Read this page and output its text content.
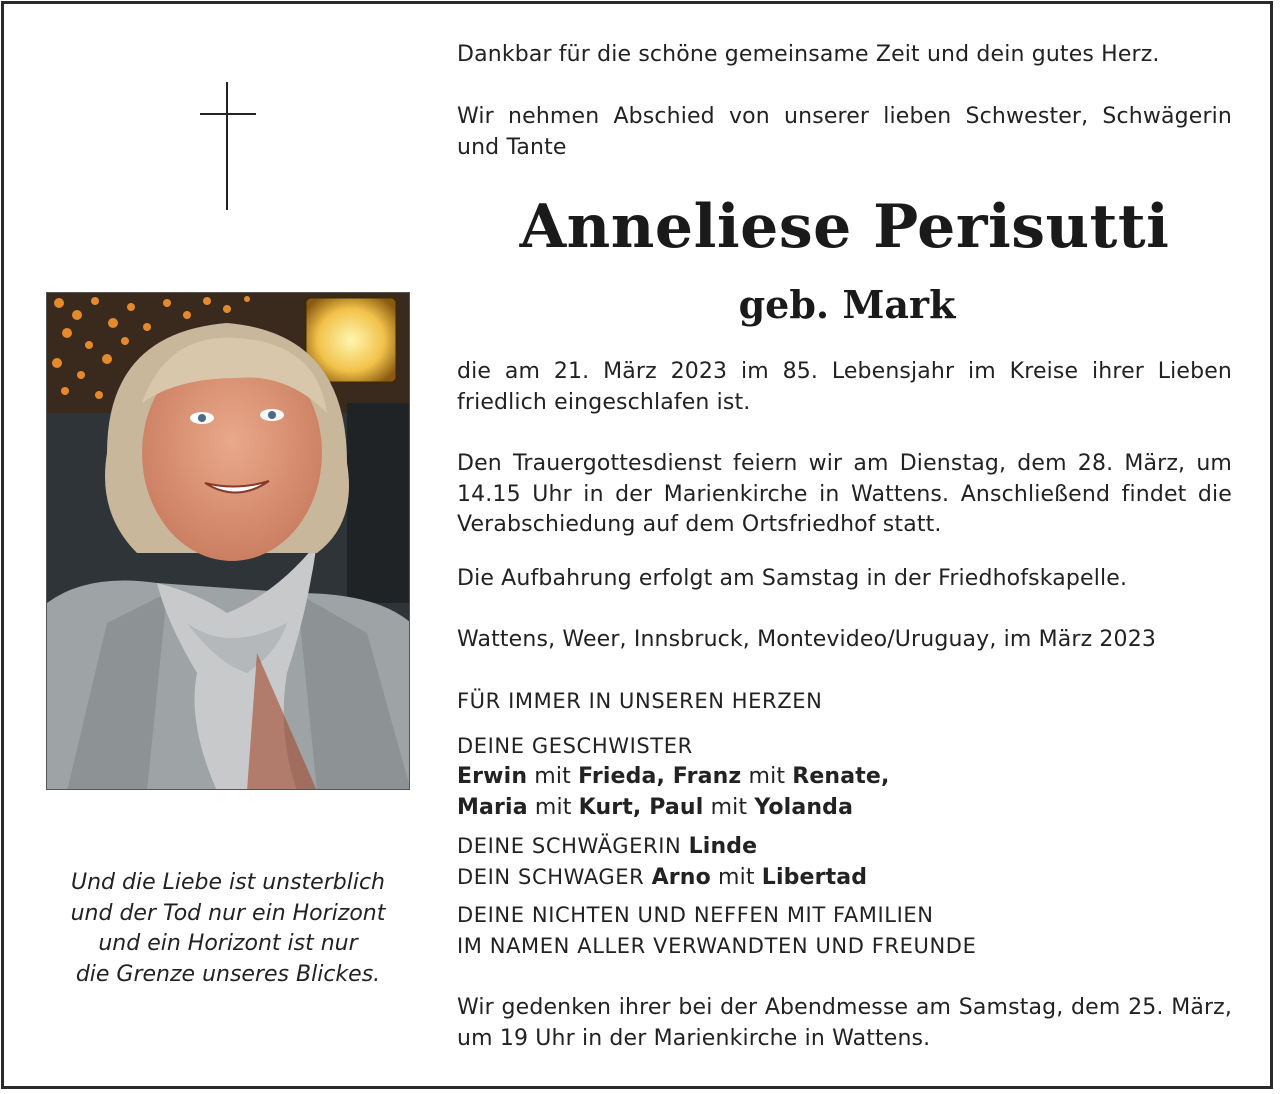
Und die Liebe ist unsterblich
und der Tod nur ein Horizont
und ein Horizont ist nur
die Grenze unseres Blickes.
Dankbar für die schöne gemeinsame Zeit und dein gutes Herz.
Wir nehmen Abschied von unserer lieben Schwester, Schwägerin und Tante
Anneliese Perisutti
geb. Mark
die am 21. März 2023 im 85. Lebensjahr im Kreise ihrer Lieben friedlich eingeschlafen ist.
Den Trauergottesdienst feiern wir am Dienstag, dem 28. März, um 14.15 Uhr in der Marienkirche in Wattens. Anschließend findet die Verabschiedung auf dem Ortsfriedhof statt.
Die Aufbahrung erfolgt am Samstag in der Friedhofskapelle.
Wattens, Weer, Innsbruck, Montevideo/Uruguay, im März 2023
FÜR IMMER IN UNSEREN HERZEN
DEINE GESCHWISTER
Erwin mit Frieda, Franz mit Renate,
Maria mit Kurt, Paul mit Yolanda
DEINE SCHWÄGERIN Linde
DEIN SCHWAGER Arno mit Libertad
DEINE NICHTEN UND NEFFEN MIT FAMILIEN
IM NAMEN ALLER VERWANDTEN UND FREUNDE
Wir gedenken ihrer bei der Abendmesse am Samstag, dem 25. März, um 19 Uhr in der Marienkirche in Wattens.
